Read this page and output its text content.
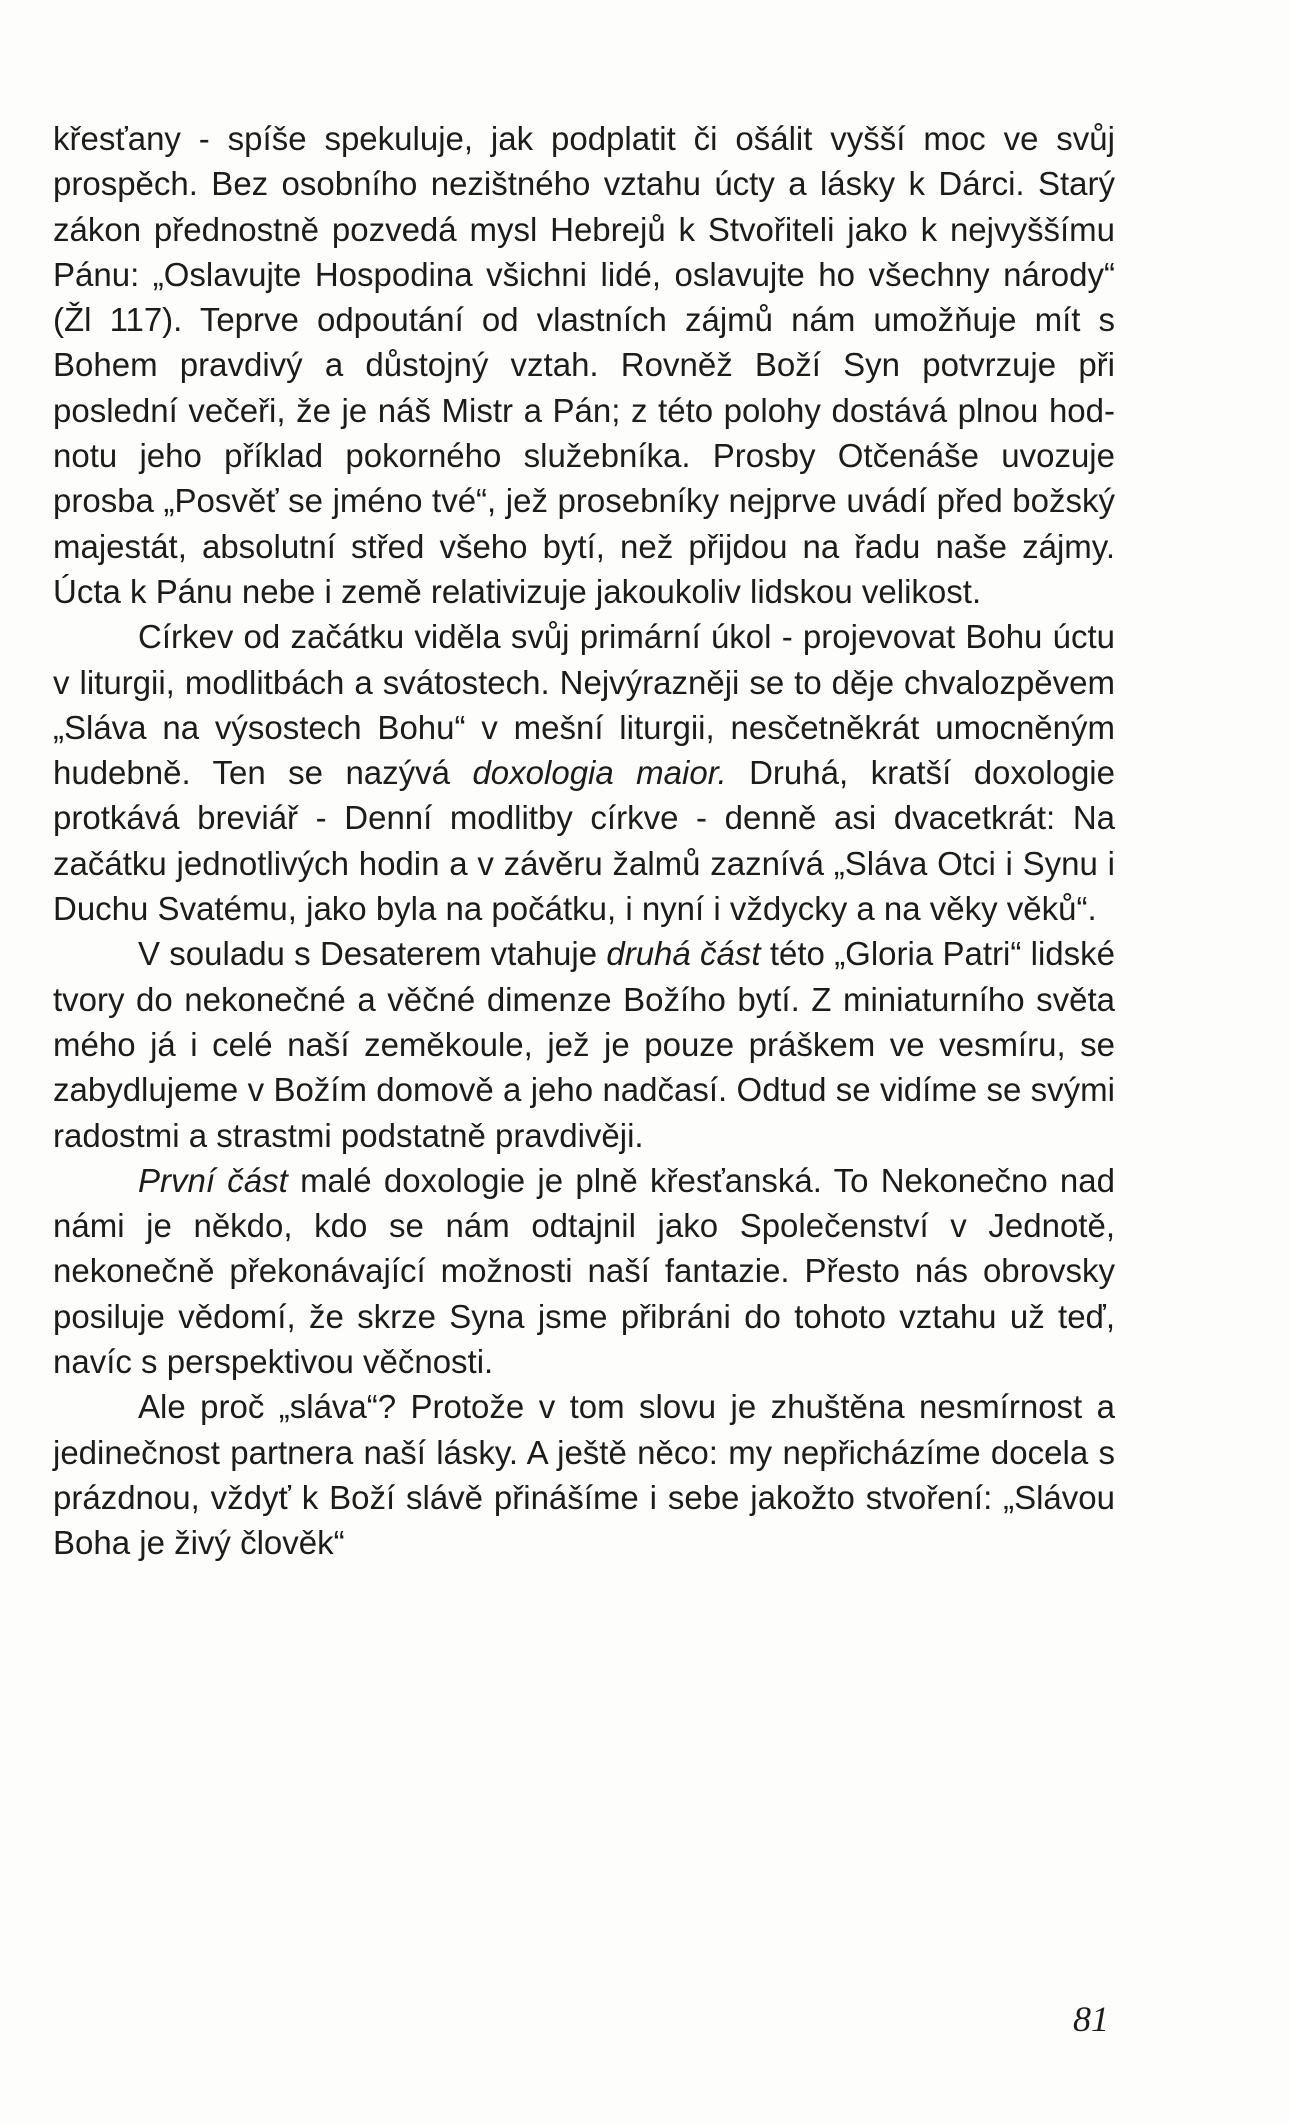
křesťany - spíše spekuluje, jak podplatit či ošálit vyšší moc ve svůj prospěch. Bez osobního nezištného vztahu úcty a lásky k Dárci. Starý zákon přednostně pozvedá mysl Hebrejů k Stvořiteli jako k nejvyššímu Pánu: „Oslavujte Hospodina všichni lidé, oslavujte ho všechny národy“ (Žl 117). Teprve odpoutání od vlastních zájmů nám umožňuje mít s Bohem pravdivý a důstojný vztah. Rovněž Boží Syn potvrzuje při poslední večeři, že je náš Mistr a Pán; z této polohy dostává plnou hodnotu jeho příklad pokorného služebníka. Prosby Otčenáše uvozuje prosba „Posvěť se jméno tvé“, jež prosebníky nejprve uvádí před božský majestát, absolutní střed všeho bytí, než přijdou na řadu naše zájmy. Úcta k Pánu nebe i země relativizuje jakoukoliv lidskou velikost.

Církev od začátku viděla svůj primární úkol - projevovat Bohu úctu v liturgii, modlitbách a svátostech. Nejvýrazněji se to děje chvalozpěvem „Sláva na výsostech Bohu“ v mešní liturgii, nesčetněkrát umocněným hudebně. Ten se nazývá doxologia maior. Druhá, kratší doxologie protkává breviář - Denní modlitby církve - denně asi dvacetkrát: Na začátku jednotlivých hodin a v závěru žalmů zaznívá „Sláva Otci i Synu i Duchu Svatému, jako byla na počátku, i nyní i vždycky a na věky věků“.

V souladu s Desaterem vtahuje druhá část této „Gloria Patri“ lidské tvory do nekonečné a věčné dimenze Božího bytí. Z miniaturního světa mého já i celé naší zeměkoule, jež je pouze práškem ve vesmíru, se zabydlujeme v Božím domově a jeho nadčasí. Odtud se vidíme se svými radostmi a strastmi podstatně pravdivěji.

První část malé doxologie je plně křesťanská. To Nekonečno nad námi je někdo, kdo se nám odtajnil jako Společenství v Jednotě, nekonečně překonávající možnosti naší fantazie. Přesto nás obrovsky posiluje vědomí, že skrze Syna jsme přibráni do tohoto vztahu už teď, navíc s perspektivou věčnosti.

Ale proč „sláva“? Protože v tom slovu je zhuštěna nesmírnost a jedinečnost partnera naší lásky. A ještě něco: my nepřicházíme docela s prázdnou, vždyť k Boží slávě přinášíme i sebe jakožto stvoření: „Slávou Boha je živý člověk“

81
